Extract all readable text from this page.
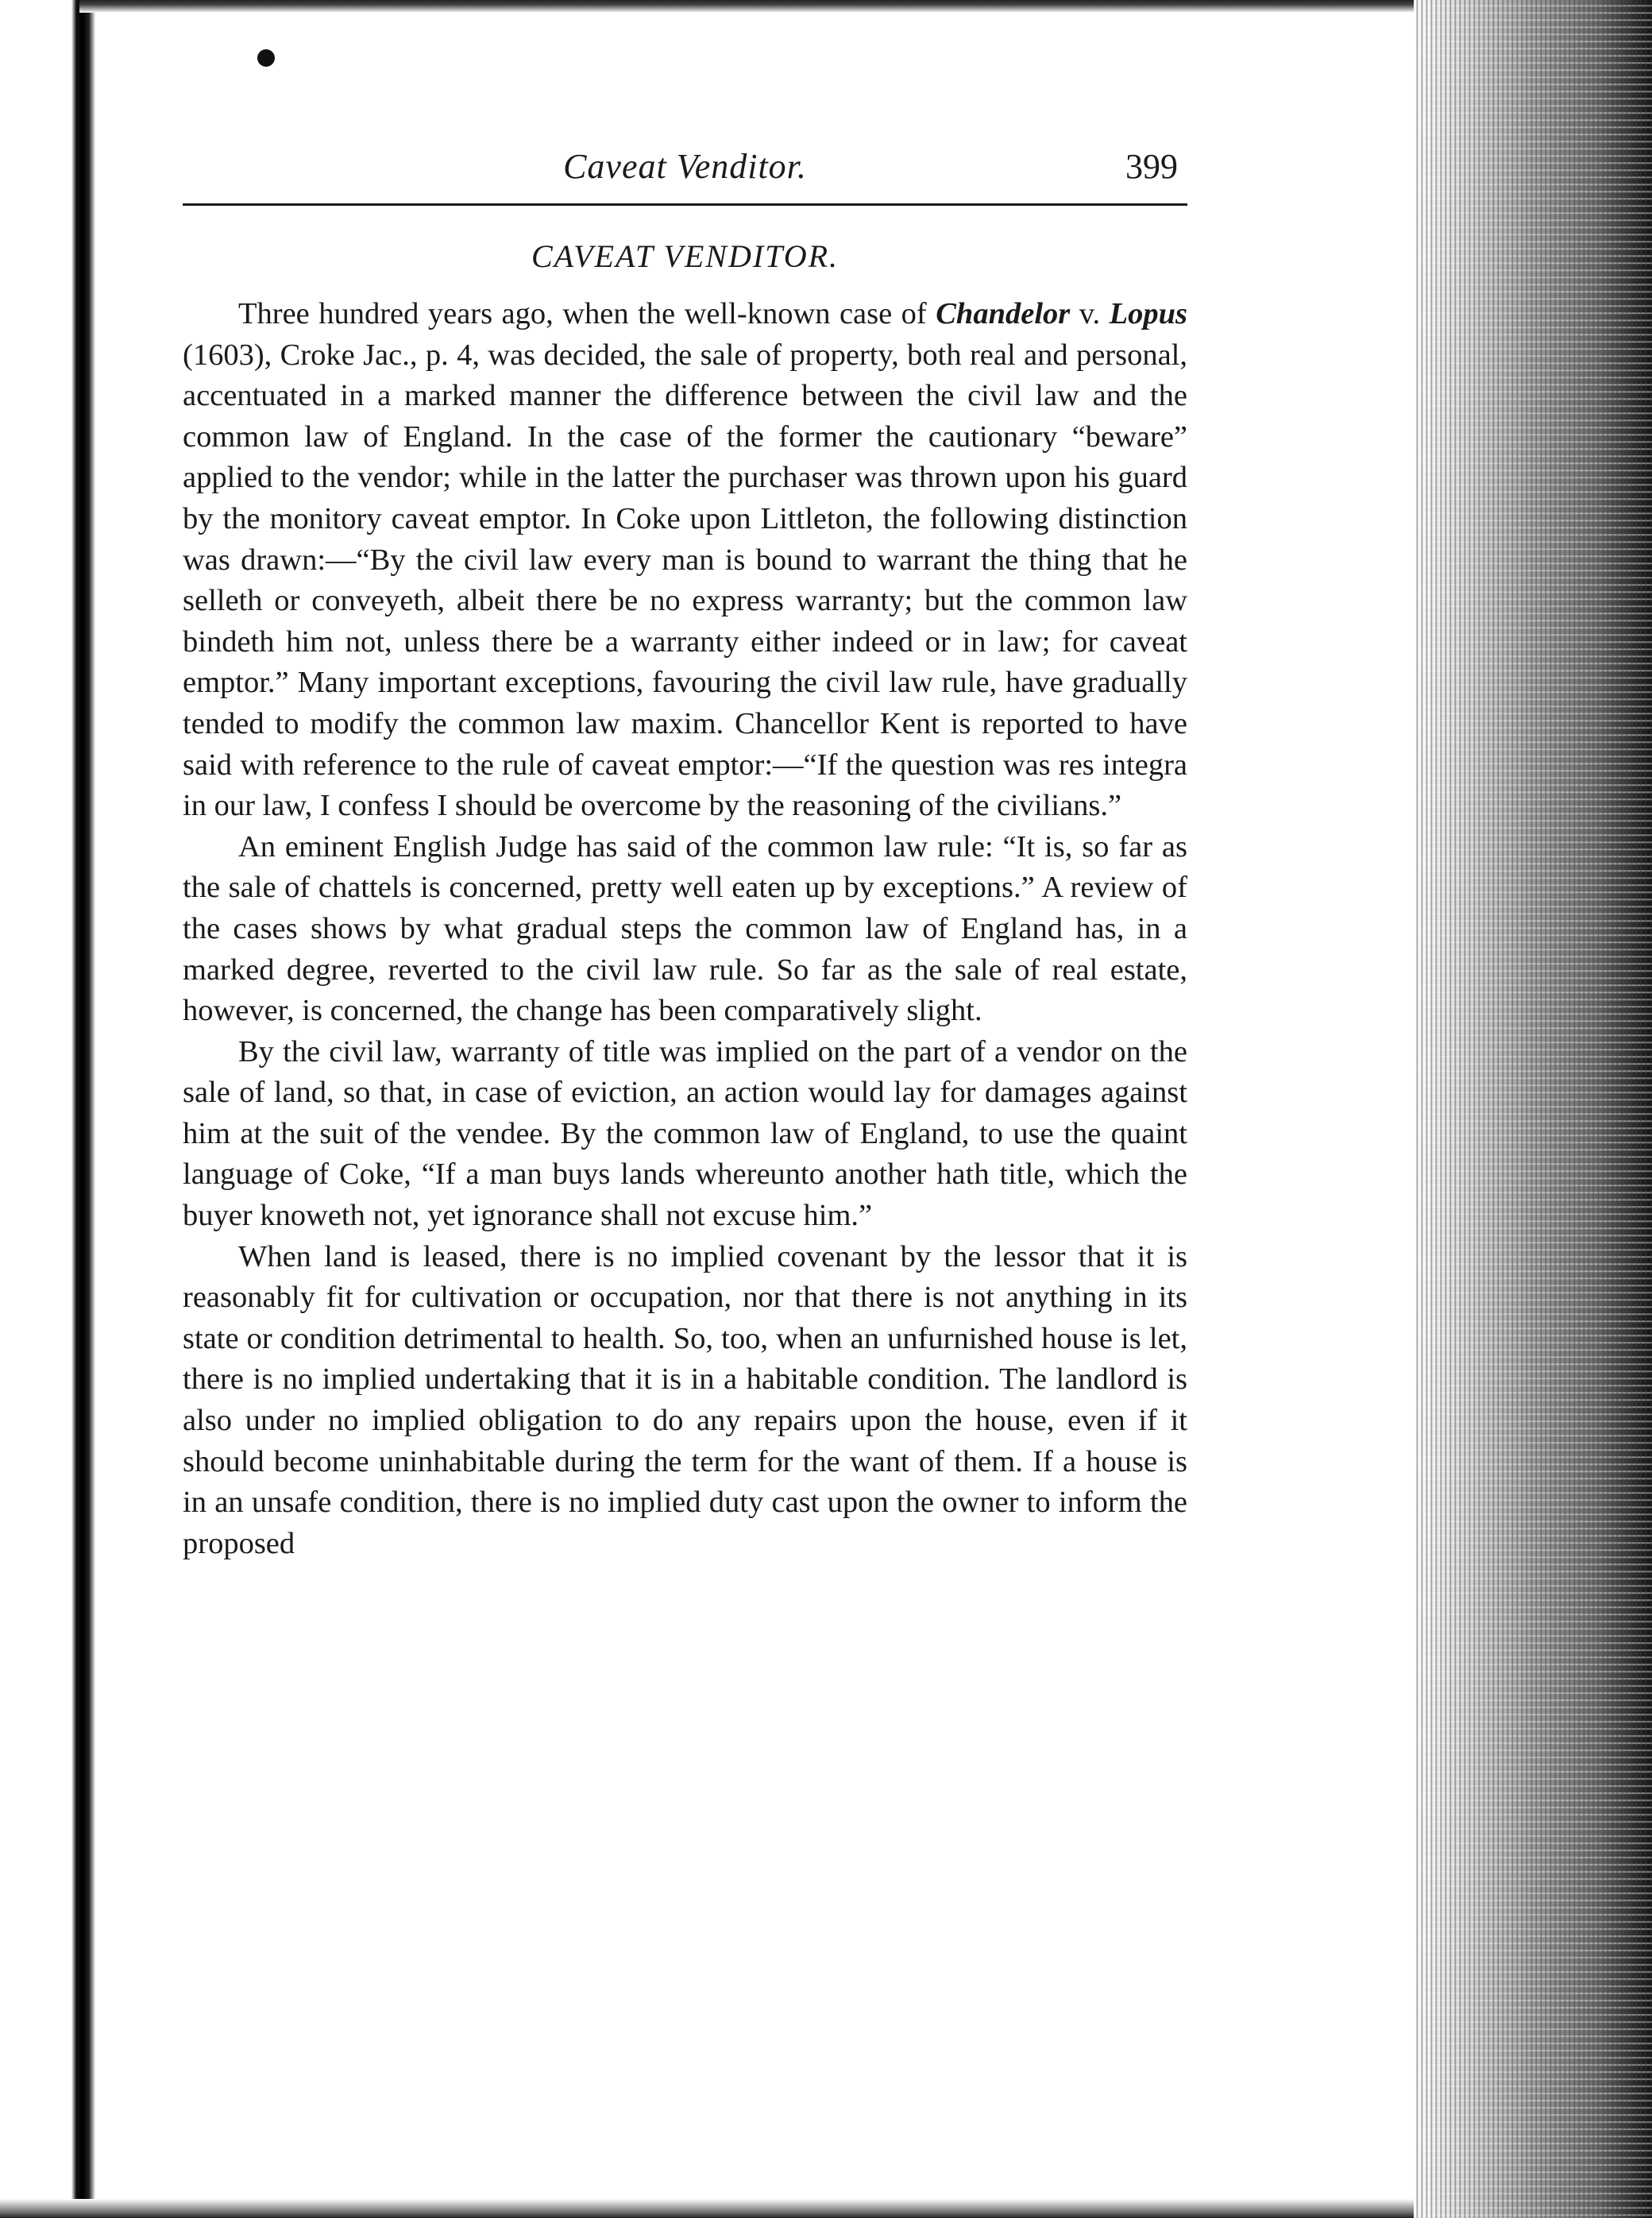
Caveat Venditor.	399
CAVEAT VENDITOR.

Three hundred years ago, when the well-known case of Chandelor v. Lopus (1603), Croke Jac., p. 4, was decided, the sale of property, both real and personal, accentuated in a marked manner the difference between the civil law and the common law of England. In the case of the former the cautionary “beware” applied to the vendor; while in the latter the purchaser was thrown upon his guard by the monitory caveat emptor. In Coke upon Littleton, the following distinction was drawn:—“By the civil law every man is bound to warrant the thing that he selleth or conveyeth, albeit there be no express warranty; but the common law bindeth him not, unless there be a warranty either indeed or in law; for caveat emptor.” Many important exceptions, favouring the civil law rule, have gradually tended to modify the common law maxim. Chancellor Kent is reported to have said with reference to the rule of caveat emptor:—“If the question was res integra in our law, I confess I should be overcome by the reasoning of the civilians.”

An eminent English Judge has said of the common law rule: “It is, so far as the sale of chattels is concerned, pretty well eaten up by exceptions.” A review of the cases shows by what gradual steps the common law of England has, in a marked degree, reverted to the civil law rule. So far as the sale of real estate, however, is concerned, the change has been comparatively slight.

By the civil law, warranty of title was implied on the part of a vendor on the sale of land, so that, in case of eviction, an action would lay for damages against him at the suit of the vendee. By the common law of England, to use the quaint language of Coke, “If a man buys lands whereunto another hath title, which the buyer knoweth not, yet ignorance shall not excuse him.”

When land is leased, there is no implied covenant by the lessor that it is reasonably fit for cultivation or occupation, nor that there is not anything in its state or condition detrimental to health. So, too, when an unfurnished house is let, there is no implied undertaking that it is in a habitable condition. The landlord is also under no implied obligation to do any repairs upon the house, even if it should become uninhabitable during the term for the want of them. If a house is in an unsafe condition, there is no implied duty cast upon the owner to inform the proposed
